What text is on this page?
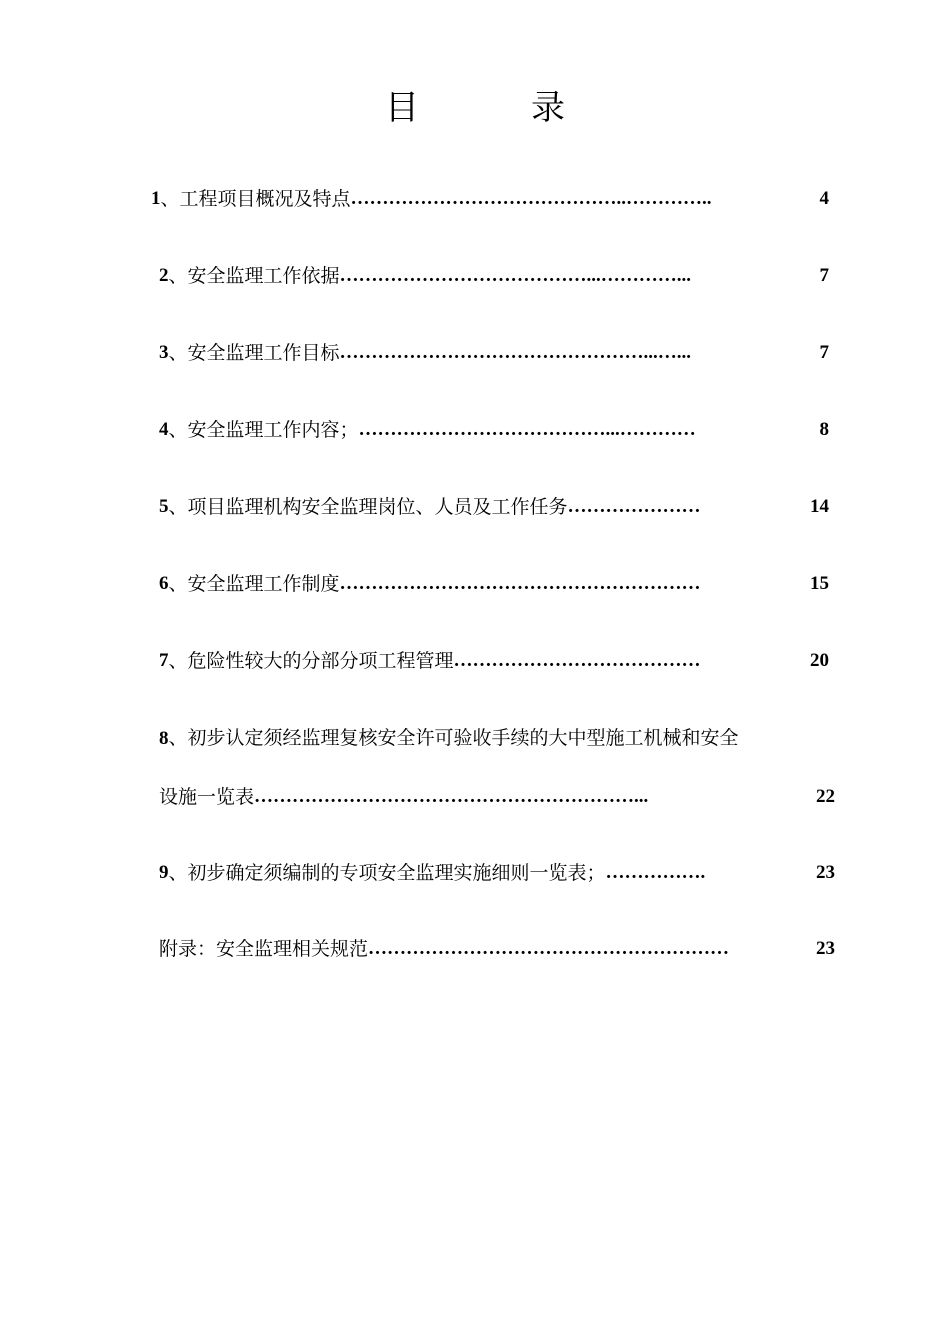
目	录
1 、工程项目概况及特点 ……………………………………..…………..	4
2 、安全监理工作依据 …………………………………...…………...	7
3 、安全监理工作目标 …………………………………………...…...	7
4 、安全监理工作内容； …………………………………...…………	8
5 、项目监理机构安全监理岗位、人员及工作任务 …………………	14
6 、安全监理工作制度 …………………………………………………	15
7 、危险性较大的分部分项工程管理 …………………………………	20
8、初步认定须经监理复核安全许可验收手续的大中型施工机械和安全
设施一览表 ……………………………………………………...	22
9 、初步确定须编制的专项安全监理实施细则一览表； …………….	23
附录：安全监理相关规范 …………………………………………………	23
